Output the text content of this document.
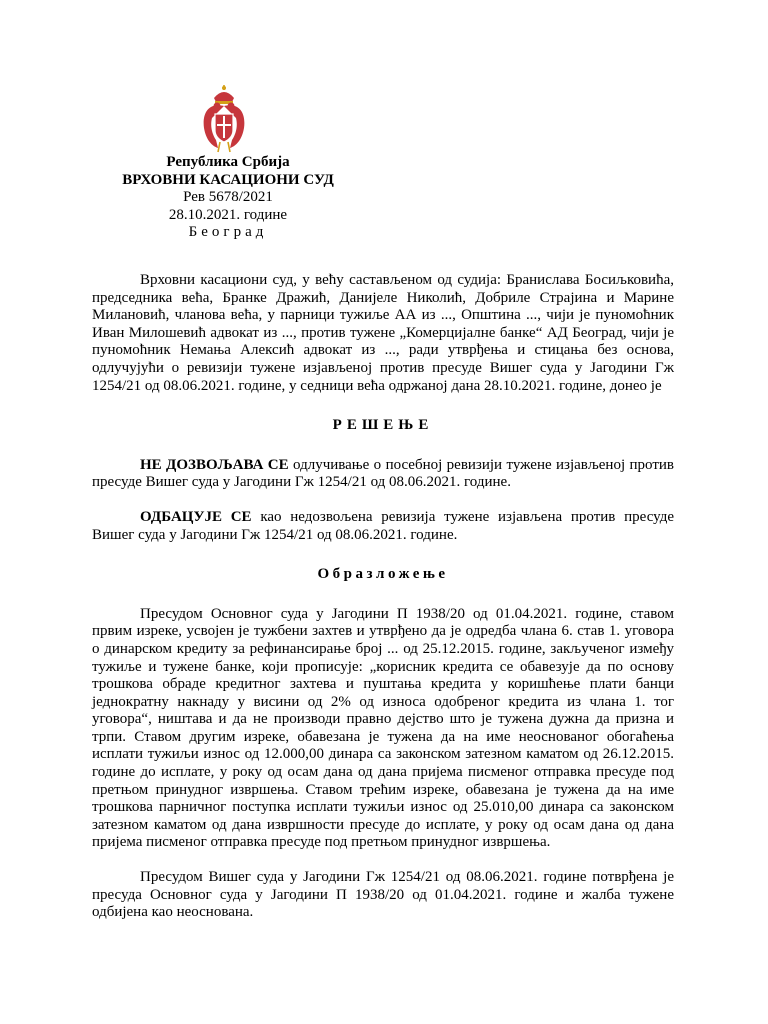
Република Србија
ВРХОВНИ КАСАЦИОНИ СУД
Рев 5678/2021
28.10.2021. године
Београд

Врховни касациони суд, у већу састављеном од судија: Бранислава Босиљковића, председника већа, Бранке Дражић, Данијеле Николић, Добриле Страјина и Марине Милановић, чланова већа, у парници тужиље АА из ..., Општина ..., чији је пуномоћник Иван Милошевић адвокат из ..., против тужене „Комерцијалне банке“ АД Београд, чији је пуномоћник Немања Алексић адвокат из ..., ради утврђења и стицања без основа, одлучујући о ревизији тужене изјављеној против пресуде Вишег суда у Јагодини Гж 1254/21 од 08.06.2021. године, у седници већа одржаној дана 28.10.2021. године, донео је

РЕШЕЊЕ

НЕ ДОЗВОЉАВА СЕ одлучивање о посебној ревизији тужене изјављеној против пресуде Вишег суда у Јагодини Гж 1254/21 од 08.06.2021. године.

ОДБАЦУЈЕ СЕ као недозвољена ревизија тужене изјављена против пресуде Вишег суда у Јагодини Гж 1254/21 од 08.06.2021. године.

Образложење

Пресудом Основног суда у Јагодини П 1938/20 од 01.04.2021. године, ставом првим изреке, усвојен је тужбени захтев и утврђено да је одредба члана 6. став 1. уговора о динарском кредиту за рефинансирање број ... од 25.12.2015. године, закљученог између тужиље и тужене банке, који прописује: „корисник кредита се обавезује да по основу трошкова обраде кредитног захтева и пуштања кредита у коришћење плати банци једнократну накнаду у висини од 2% од износа одобреног кредита из члана 1. тог уговора“, ништава и да не производи правно дејство што је тужена дужна да призна и трпи. Ставом другим изреке, обавезана је тужена да на име неоснованог обогаћења исплати тужиљи износ од 12.000,00 динара са законском затезном каматом од 26.12.2015. године до исплате, у року од осам дана од дана пријема писменог отправка пресуде под претњом принудног извршења. Ставом трећим изреке, обавезана је тужена да на име трошкова парничног поступка исплати тужиљи износ од 25.010,00 динара са законском затезном каматом од дана извршности пресуде до исплате, у року од осам дана од дана пријема писменог отправка пресуде под претњом принудног извршења.

Пресудом Вишег суда у Јагодини Гж 1254/21 од 08.06.2021. године потврђена је пресуда Основног суда у Јагодини П 1938/20 од 01.04.2021. године и жалба тужене одбијена као неоснована.
